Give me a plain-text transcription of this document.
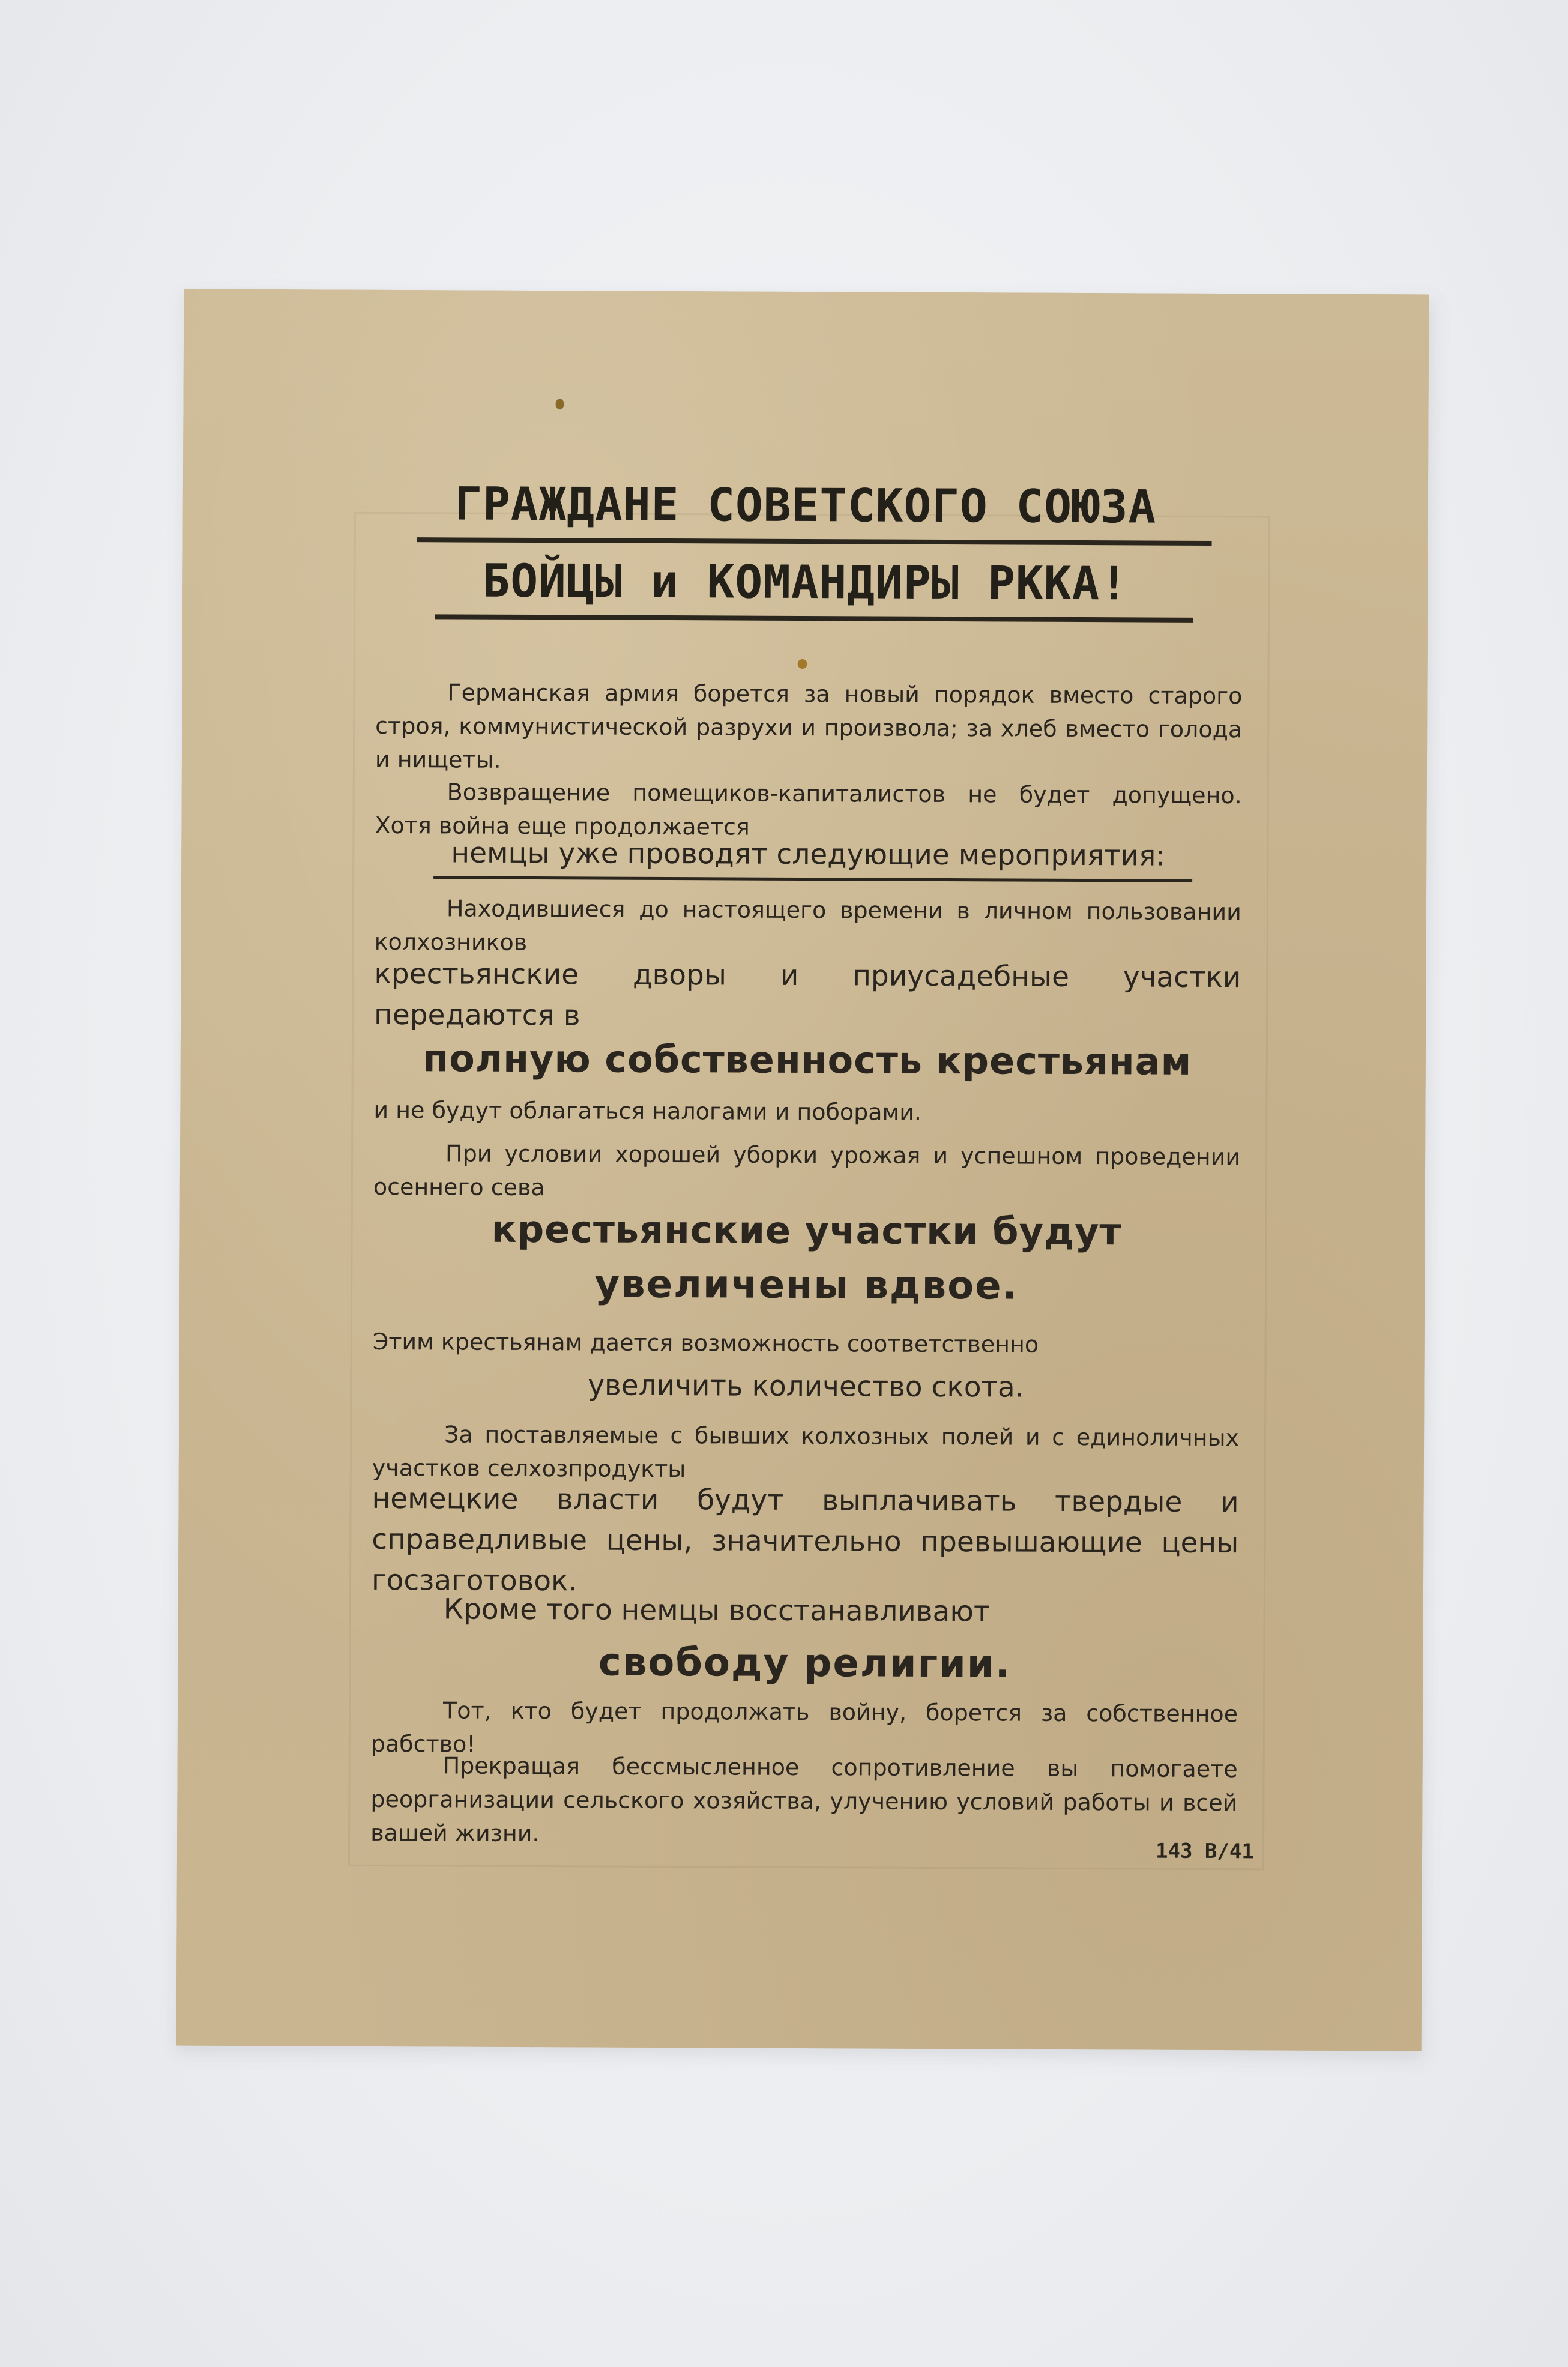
ГРАЖДАНЕ СОВЕТСКОГО СОЮЗА
БОЙЦЫ и КОМАНДИРЫ РККА!
Германская армия борется за новый порядок вместо старого строя, коммунистической разрухи и произвола; за хлеб вместо голода и нищеты.
Возвращение помещиков-капиталистов не будет допущено. Хотя война еще продолжается
немцы уже проводят следующие мероприятия:
Находившиеся до настоящего времени в личном пользовании колхозников
крестьянские дворы и приусадебные участки передаются в
полную собственность крестьянам
и не будут облагаться налогами и поборами.
При условии хорошей уборки урожая и успешном проведении осеннего сева
крестьянские участки будут
увеличены вдвое.
Этим крестьянам дается возможность соответственно
увеличить количество скота.
За поставляемые с бывших колхозных полей и с единоличных участков селхозпродукты
немецкие власти будут выплачивать твердые и справедливые цены, значительно превышающие цены госзаготовок.
Кроме того немцы восстанавливают
свободу религии.
Тот, кто будет продолжать войну, борется за собственное рабство!
Прекращая бессмысленное сопротивление вы помогаете реорганизации сельского хозяйства, улучению условий работы и всей вашей жизни.
143 B/41
